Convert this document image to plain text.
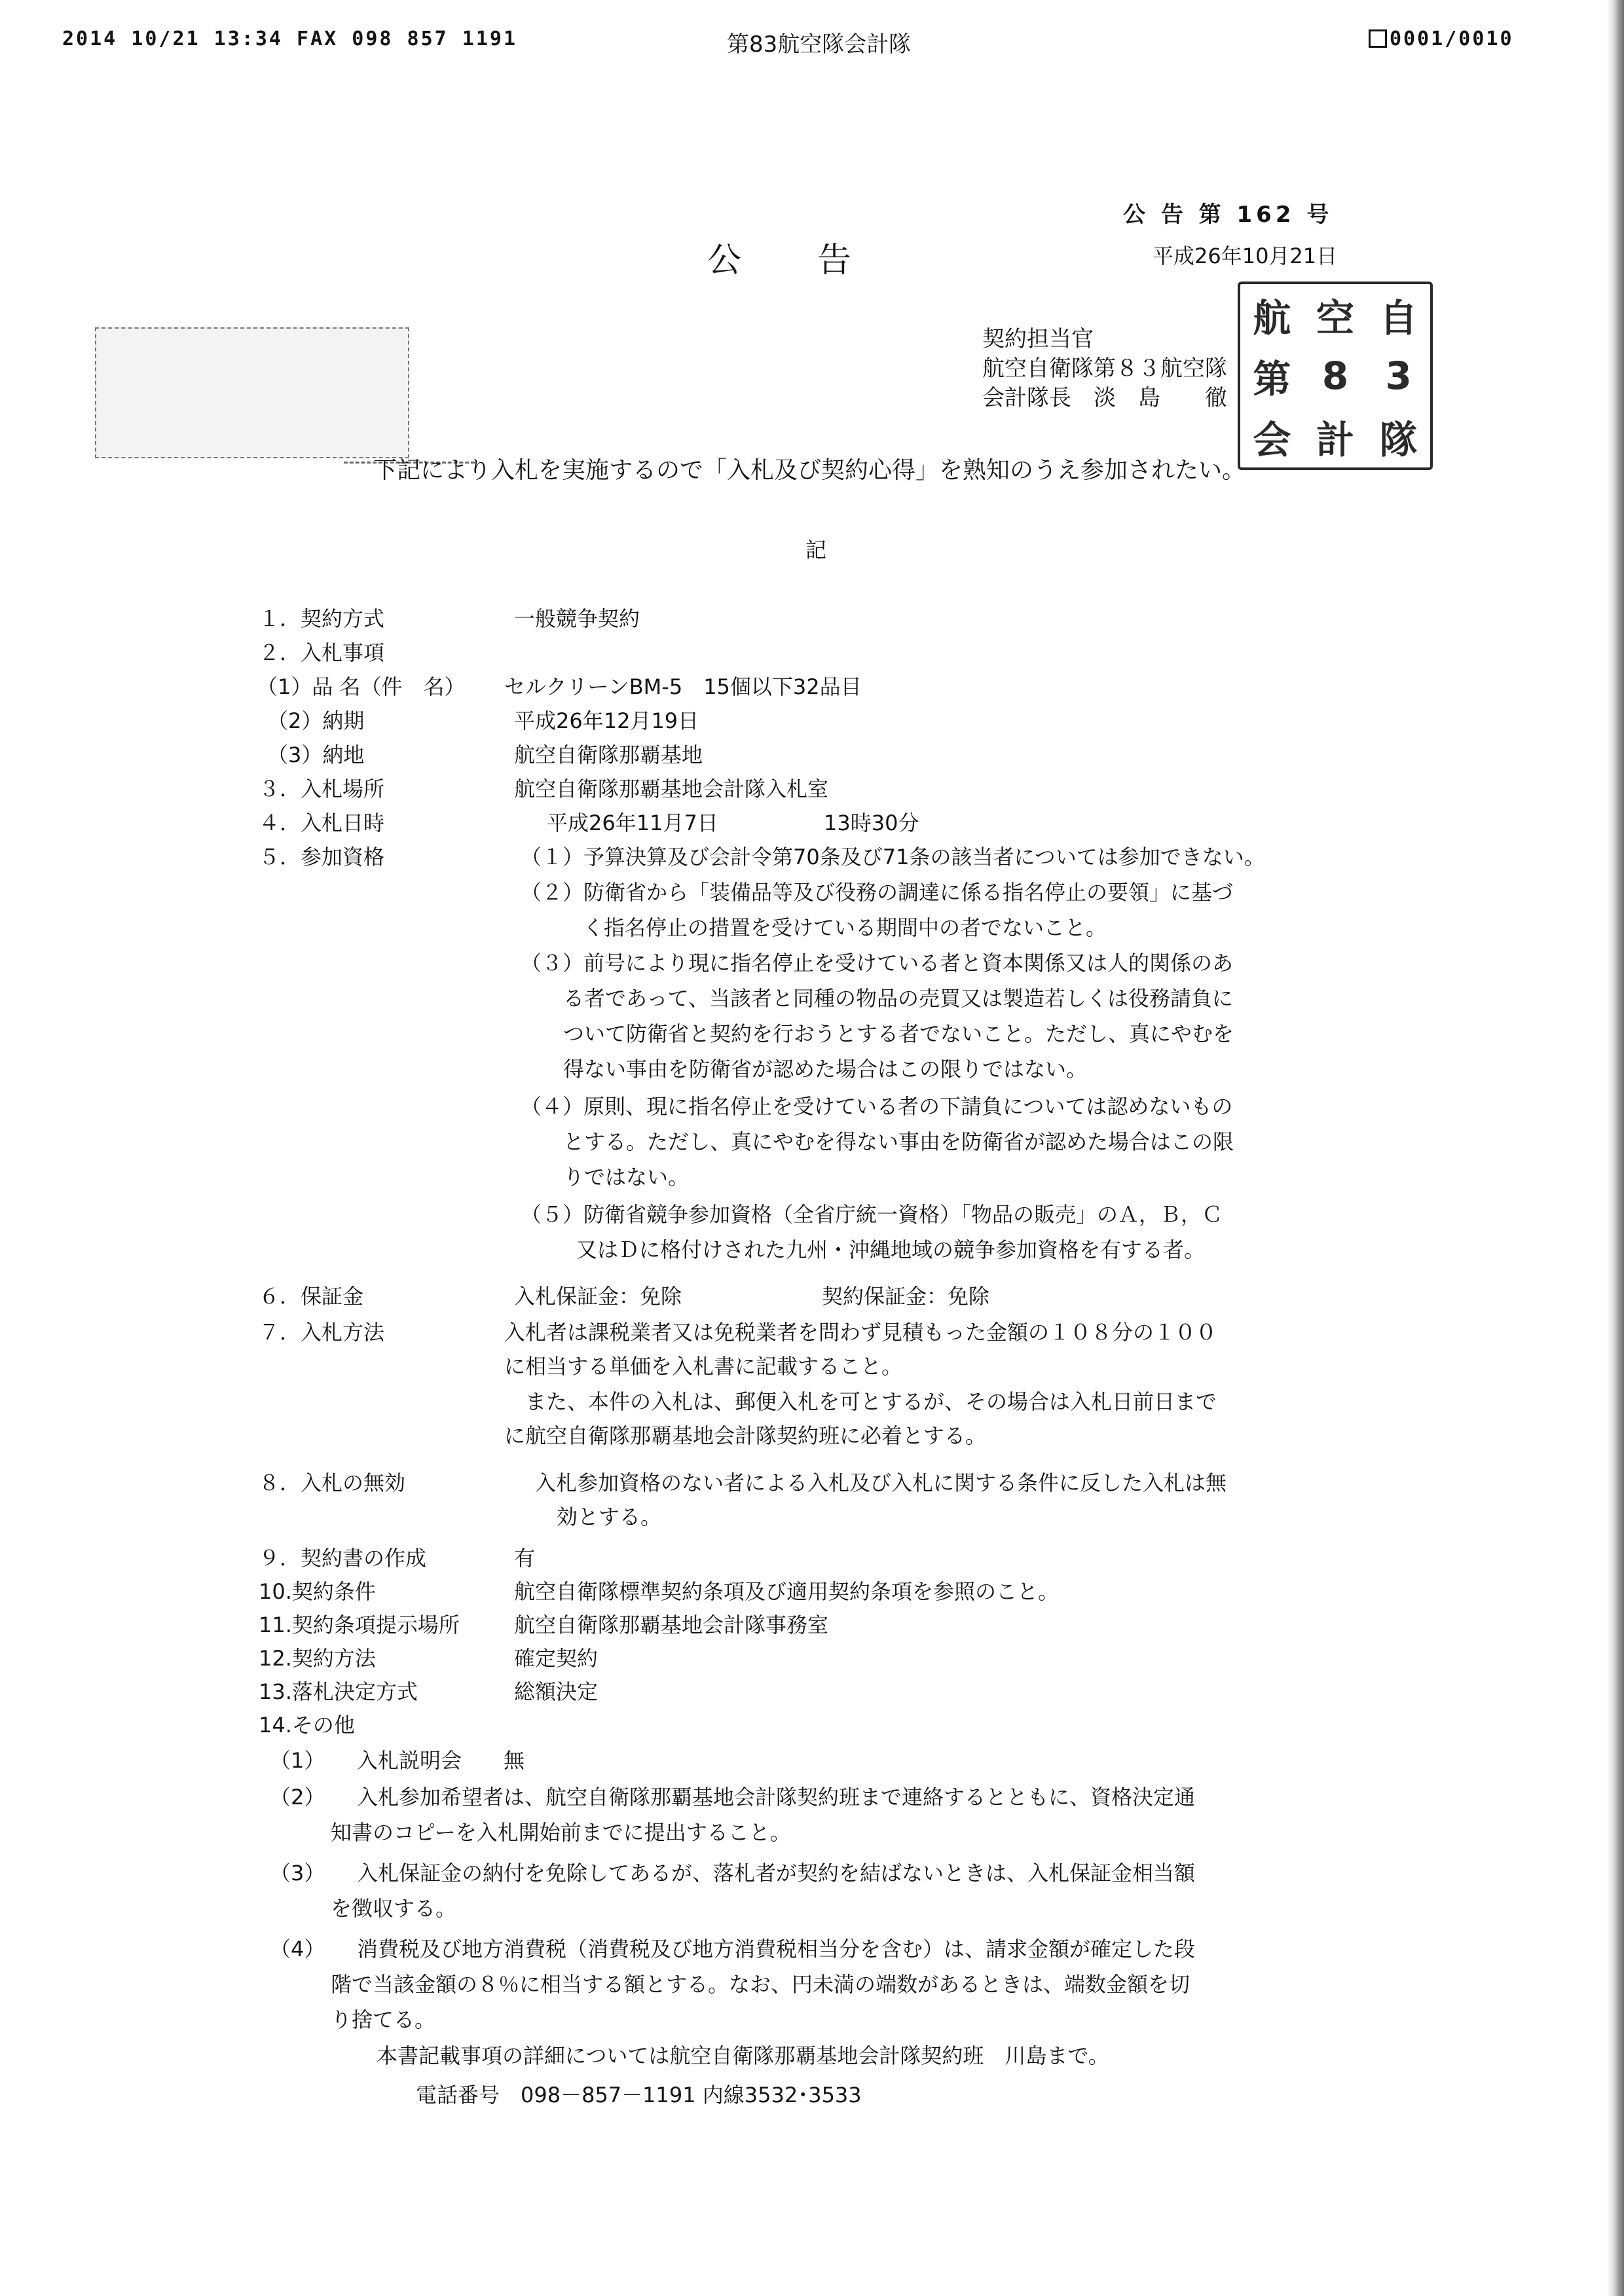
2014 10/21 13:34 FAX 098 857 1191	第83航空隊会計隊	0001/0010
公 告 第 162 号
公　　告	平成26年10月21日
契約担当官
航空自衛隊第８３航空隊
会計隊長　淡　島　　徹
航 空 自
第 8 3
会 計 隊
下記により入札を実施するので「入札及び契約心得」を熟知のうえ参加されたい。
記
１．契約方式	一般競争契約
２．入札事項
（1）品 名（件　名） セルクリーンBM-5　15個以下32品目
（2）納期	平成26年12月19日
（3）納地	航空自衛隊那覇基地
３．入札場所	航空自衛隊那覇基地会計隊入札室
４．入札日時	平成26年11月7日	13時30分
５．参加資格	（１）予算決算及び会計令第70条及び71条の該当者については参加できない。
（２）防衛省から「装備品等及び役務の調達に係る指名停止の要領」に基づ
く指名停止の措置を受けている期間中の者でないこと。
（３）前号により現に指名停止を受けている者と資本関係又は人的関係のあ
る者であって、当該者と同種の物品の売買又は製造若しくは役務請負に
ついて防衛省と契約を行おうとする者でないこと。ただし、真にやむを
得ない事由を防衛省が認めた場合はこの限りではない。
（４）原則、現に指名停止を受けている者の下請負については認めないもの
とする。ただし、真にやむを得ない事由を防衛省が認めた場合はこの限
りではない。
（５）防衛省競争参加資格（全省庁統一資格）「物品の販売」のＡ，Ｂ，Ｃ
又はＤに格付けされた九州・沖縄地域の競争参加資格を有する者。
６．保証金	入札保証金：免除	契約保証金：免除
７．入札方法	入札者は課税業者又は免税業者を問わず見積もった金額の１０８分の１００
に相当する単価を入札書に記載すること。
　また、本件の入札は、郵便入札を可とするが、その場合は入札日前日まで
に航空自衛隊那覇基地会計隊契約班に必着とする。
８．入札の無効	　入札参加資格のない者による入札及び入札に関する条件に反した入札は無
効とする。
９．契約書の作成	有
10.契約条件	航空自衛隊標準契約条項及び適用契約条項を参照のこと。
11.契約条項提示場所	航空自衛隊那覇基地会計隊事務室
12.契約方法	確定契約
13.落札決定方式	総額決定
14.その他
（1） 入札説明会　　無
（2） 入札参加希望者は、航空自衛隊那覇基地会計隊契約班まで連絡するとともに、資格決定通
知書のコピーを入札開始前までに提出すること。
（3） 入札保証金の納付を免除してあるが、落札者が契約を結ばないときは、入札保証金相当額
を徴収する。
（4） 消費税及び地方消費税（消費税及び地方消費税相当分を含む）は、請求金額が確定した段
階で当該金額の８％に相当する額とする。なお、円未満の端数があるときは、端数金額を切
り捨てる。
本書記載事項の詳細については航空自衛隊那覇基地会計隊契約班　川島まで。
電話番号　098－857－1191 内線3532･3533
